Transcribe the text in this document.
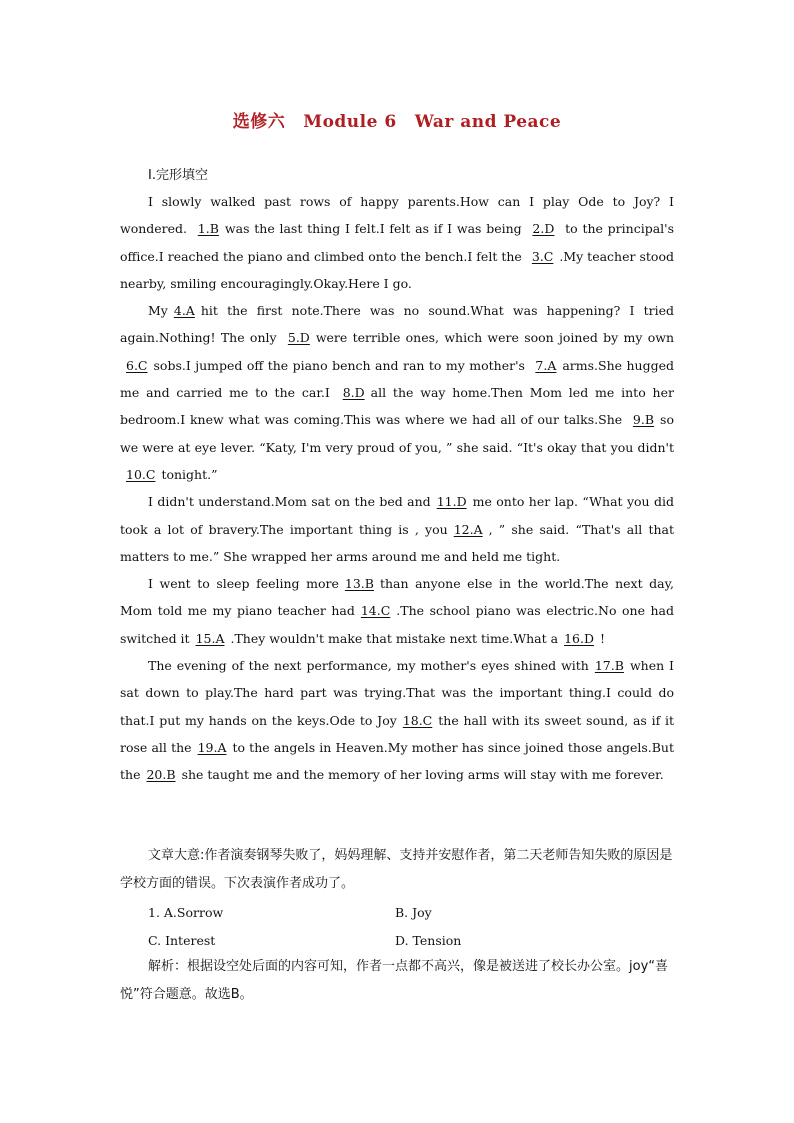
选修六 Module 6 War and Peace
Ⅰ.完形填空

I slowly walked past rows of happy parents.How can I play Ode to Joy? I wondered. 1.B was the last thing I felt.I felt as if I was being 2.D to the principal's office.I reached the piano and climbed onto the bench.I felt the 3.C .My teacher stood nearby, smiling encouragingly.Okay.Here I go.

My 4.A hit the first note.There was no sound.What was happening? I tried again.Nothing! The only 5.D were terrible ones, which were soon joined by my own 6.C sobs.I jumped off the piano bench and ran to my mother's 7.A arms.She hugged me and carried me to the car.I 8.D all the way home.Then Mom led me into her bedroom.I knew what was coming.This was where we had all of our talks.She 9.B so we were at eye lever. “Katy, I'm very proud of you, ” she said. “It's okay that you didn't 10.C tonight.”

I didn't understand.Mom sat on the bed and 11.D me onto her lap. “What you did took a lot of bravery.The important thing is , you 12.A , ” she said. “That's all that matters to me.” She wrapped her arms around me and held me tight.

I went to sleep feeling more 13.B than anyone else in the world.The next day, Mom told me my piano teacher had 14.C .The school piano was electric.No one had switched it 15.A .They wouldn't make that mistake next time.What a 16.D !

The evening of the next performance, my mother's eyes shined with 17.B when I sat down to play.The hard part was trying.That was the important thing.I could do that.I put my hands on the keys.Ode to Joy 18.C the hall with its sweet sound, as if it rose all the 19.A to the angels in Heaven.My mother has since joined those angels.But the 20.B she taught me and the memory of her loving arms will stay with me forever.

文章大意:作者演奏钢琴失败了，妈妈理解、支持并安慰作者，第二天老师告知失败的原因是学校方面的错误。下次表演作者成功了。

1. A.Sorrow	B. Joy
C. Interest	D. Tension

解析：根据设空处后面的内容可知，作者一点都不高兴，像是被送进了校长办公室。joy“喜悦”符合题意。故选B。
